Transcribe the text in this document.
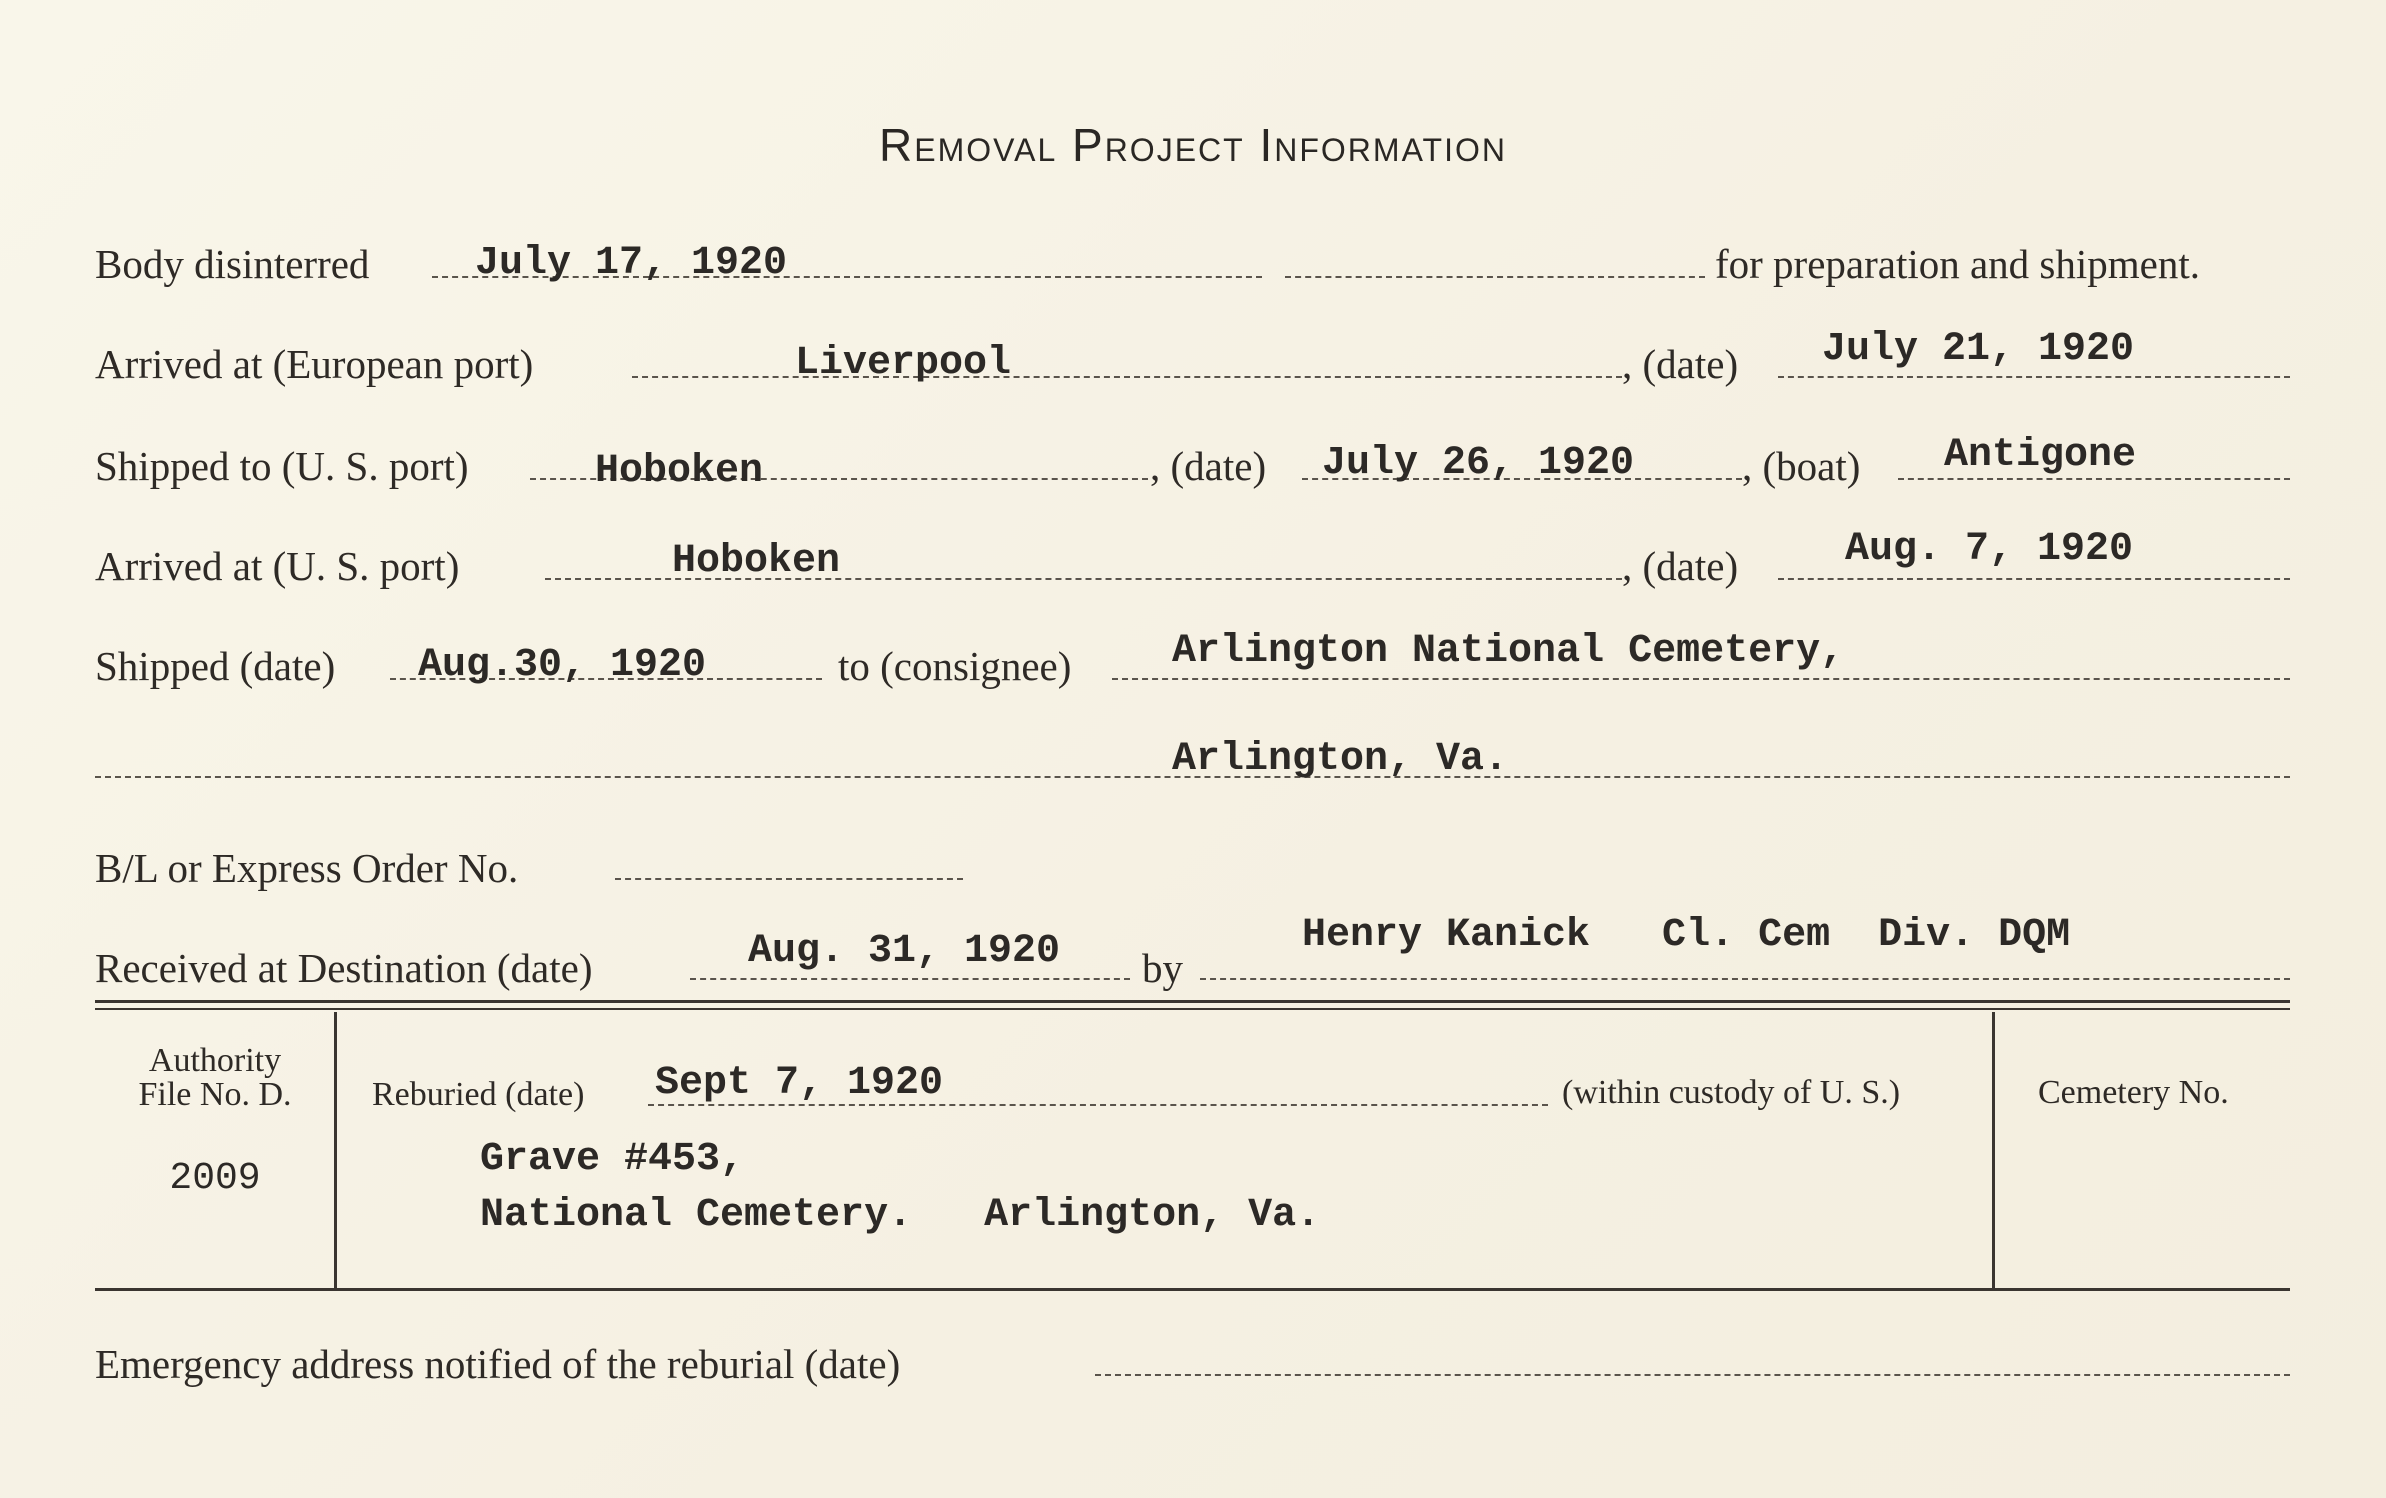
Removal Project Information
Body disinterred	July 17, 1920	for preparation and shipment.
Arrived at (European port)	Liverpool	, (date) July 21, 1920
Shipped to (U. S. port)	Hoboken	, (date) July 26, 1920	, (boat) Antigone
Arrived at (U. S. port)	Hoboken	, (date)	Aug. 7, 1920
Shipped (date) Aug.30, 1920	to (consignee)	Arlington National Cemetery,
Arlington, Va.
B/L or Express Order No.
Received at Destination (date)	Aug. 31, 1920 by
Henry Kanick   Cl. Cem  Div. DQM
Authority
File No. D.
2009
Reburied (date) Sept 7, 1920	(within custody of U. S.)
Grave #453,
National Cemetery.   Arlington, Va.
Cemetery No.
Emergency address notified of the reburial (date)
